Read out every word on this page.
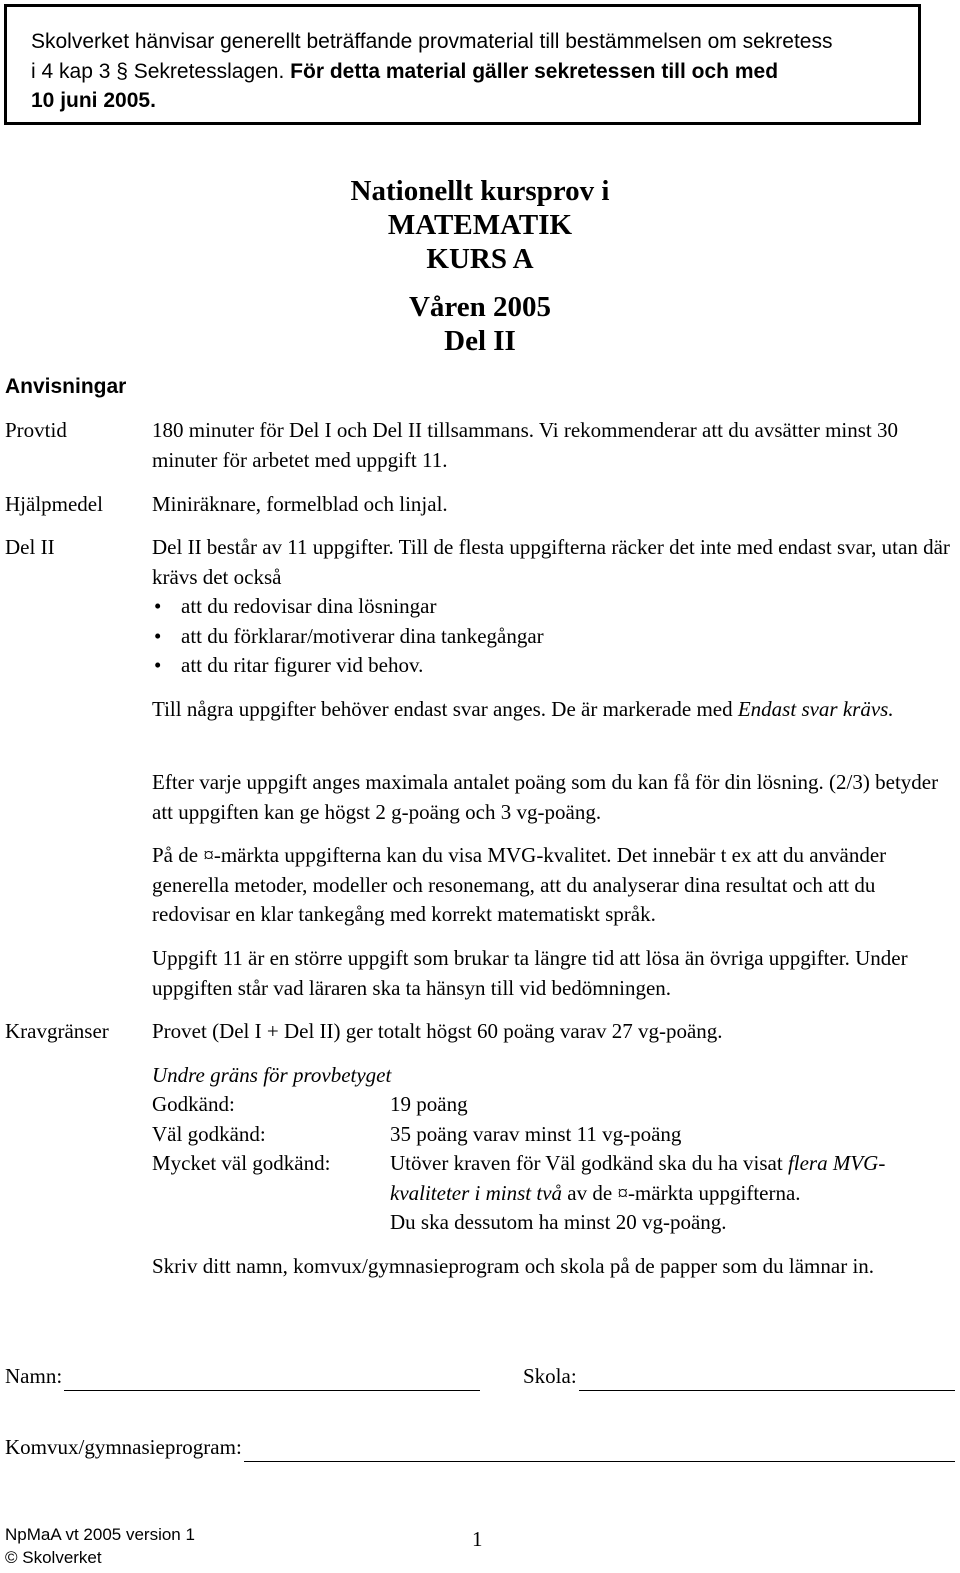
Skolverket hänvisar generellt beträffande provmaterial till bestämmelsen om sekretess
i 4 kap 3 § Sekretesslagen. För detta material gäller sekretessen till och med
10 juni 2005.
Nationellt kursprov i
MATEMATIK
KURS A
Våren 2005
Del II
Anvisningar
Provtid	180 minuter för Del I och Del II tillsammans. Vi rekommenderar att du avsätter minst 30 minuter för arbetet med uppgift 11.
Hjälpmedel Miniräknare, formelblad och linjal.
Del II	Del II består av 11 uppgifter. Till de flesta uppgifterna räcker det inte med endast svar, utan där krävs det också
• att du redovisar dina lösningar
• att du förklarar/motiverar dina tankegångar
• att du ritar figurer vid behov.
Till några uppgifter behöver endast svar anges. De är markerade med Endast svar krävs.
Efter varje uppgift anges maximala antalet poäng som du kan få för din lösning. (2/3) betyder att uppgiften kan ge högst 2 g-poäng och 3 vg-poäng.
På de ¤-märkta uppgifterna kan du visa MVG-kvalitet. Det innebär t ex att du använder generella metoder, modeller och resonemang, att du analyserar dina resultat och att du redovisar en klar tankegång med korrekt matematiskt språk.
Uppgift 11 är en större uppgift som brukar ta längre tid att lösa än övriga uppgifter. Under uppgiften står vad läraren ska ta hänsyn till vid bedömningen.
Kravgränser Provet (Del I + Del II) ger totalt högst 60 poäng varav 27 vg-poäng.
Undre gräns för provbetyget
Godkänd:	19 poäng
Väl godkänd:	35 poäng varav minst 11 vg-poäng
Mycket väl godkänd:	Utöver kraven för Väl godkänd ska du ha visat flera MVG-kvaliteter i minst två av de ¤-märkta uppgifterna.
Du ska dessutom ha minst 20 vg-poäng.
Skriv ditt namn, komvux/gymnasieprogram och skola på de papper som du lämnar in.
Namn:	Skola:
Komvux/gymnasieprogram:
NpMaA vt 2005 version 1
© Skolverket
1
